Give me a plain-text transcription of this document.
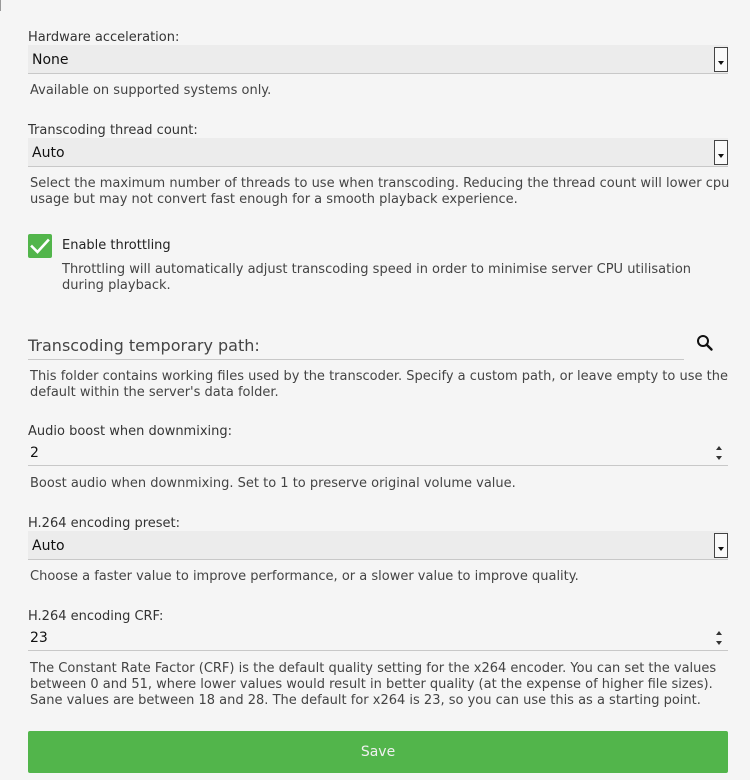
Hardware acceleration:
None
Available on supported systems only.
Transcoding thread count:
Auto
Select the maximum number of threads to use when transcoding. Reducing the thread count will lower cpu usage but may not convert fast enough for a smooth playback experience.
Enable throttling
Throttling will automatically adjust transcoding speed in order to minimise server CPU utilisation during playback.
Transcoding temporary path:
This folder contains working files used by the transcoder. Specify a custom path, or leave empty to use the default within the server's data folder.
Audio boost when downmixing:
2
Boost audio when downmixing. Set to 1 to preserve original volume value.
H.264 encoding preset:
Auto
Choose a faster value to improve performance, or a slower value to improve quality.
H.264 encoding CRF:
23
The Constant Rate Factor (CRF) is the default quality setting for the x264 encoder. You can set the values between 0 and 51, where lower values would result in better quality (at the expense of higher file sizes). Sane values are between 18 and 28. The default for x264 is 23, so you can use this as a starting point.
Save
